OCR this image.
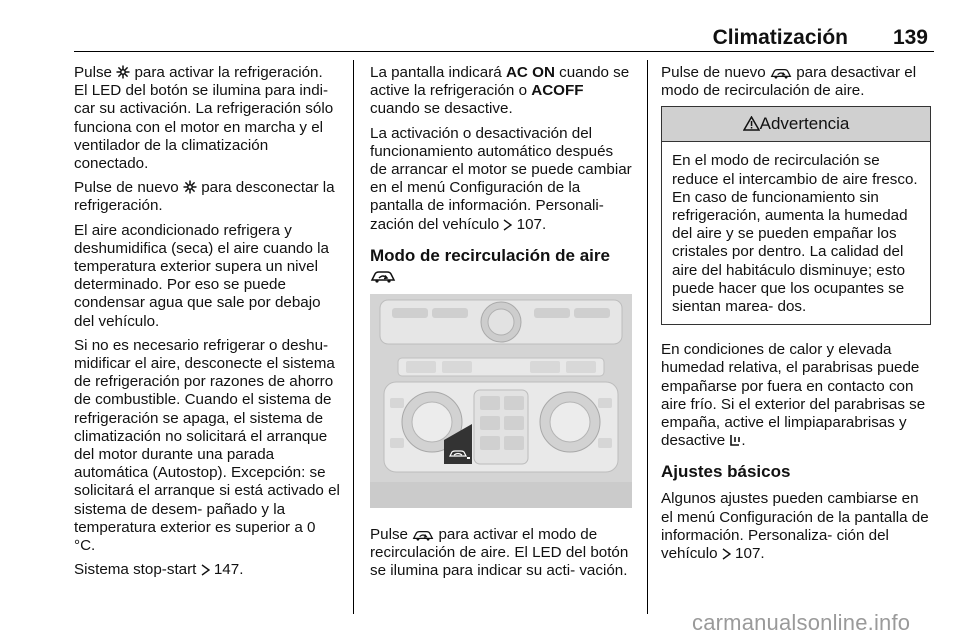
Climatización 139

Pulse para activar la refrigeración. El LED del botón se ilumina para indi- car su activación. La refrigeración sólo funciona con el motor en marcha y el ventilador de la climatización conectado.

Pulse de nuevo para desconectar la refrigeración.

El aire acondicionado refrigera y deshumidifica (seca) el aire cuando la temperatura exterior supera un nivel determinado. Por eso se puede condensar agua que sale por debajo del vehículo.

Si no es necesario refrigerar o deshu- midificar el aire, desconecte el sistema de refrigeración por razones de ahorro de combustible. Cuando el sistema de refrigeración se apaga, el sistema de climatización no solicitará el arranque del motor durante una parada automática (Autostop). Excepción: se solicitará el arranque si está activado el sistema de desem- pañado y la temperatura exterior es superior a 0 °C.

Sistema stop-start 147.

La pantalla indicará AC ON cuando se active la refrigeración o ACOFF cuando se desactive.

La activación o desactivación del funcionamiento automático después de arrancar el motor se puede cambiar en el menú Configuración de la pantalla de información. Personali- zación del vehículo 107.

Modo de recirculación de aire

Pulse para activar el modo de recirculación de aire. El LED del botón se ilumina para indicar su acti- vación.

Pulse de nuevo para desactivar el modo de recirculación de aire.

Advertencia

En el modo de recirculación se reduce el intercambio de aire fresco. En caso de funcionamiento sin refrigeración, aumenta la humedad del aire y se pueden empañar los cristales por dentro. La calidad del aire del habitáculo disminuye; esto puede hacer que los ocupantes se sientan marea- dos.

En condiciones de calor y elevada humedad relativa, el parabrisas puede empañarse por fuera en contacto con aire frío. Si el exterior del parabrisas se empaña, active el limpiaparabrisas y desactive .

Ajustes básicos

Algunos ajustes pueden cambiarse en el menú Configuración de la pantalla de información. Personaliza- ción del vehículo 107.

carmanualsonline.info
